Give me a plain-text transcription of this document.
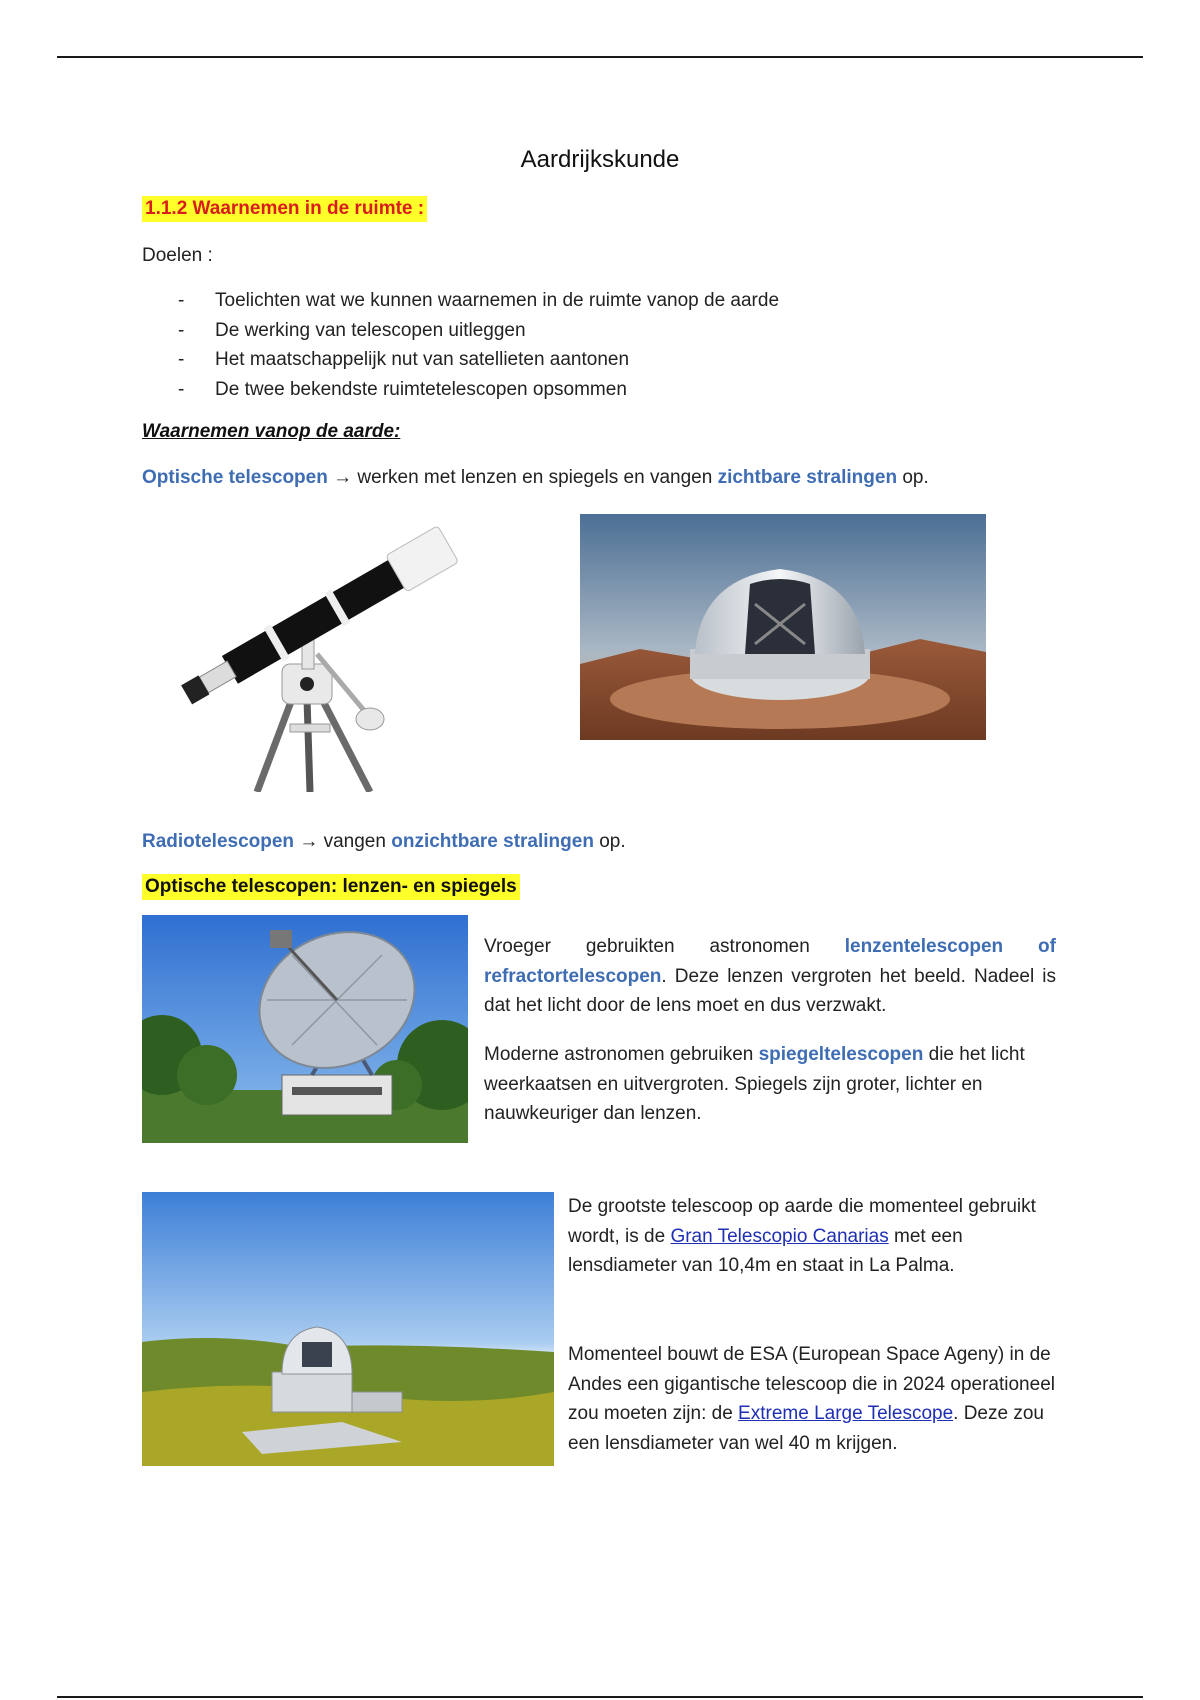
Aardrijkskunde
1.1.2 Waarnemen in de ruimte :
Doelen :
- Toelichten wat we kunnen waarnemen in de ruimte vanop de aarde
- De werking van telescopen uitleggen
- Het maatschappelijk nut van satellieten aantonen
- De twee bekendste ruimtetelescopen opsommen
Waarnemen vanop de aarde:
Optische telescopen → werken met lenzen en spiegels en vangen zichtbare stralingen op.
Radiotelescopen → vangen onzichtbare stralingen op.
Optische telescopen: lenzen- en spiegels
Vroeger gebruikten astronomen lenzentelescopen of refractortelescopen. Deze lenzen vergroten het beeld. Nadeel is dat het licht door de lens moet en dus verzwakt.
Moderne astronomen gebruiken spiegeltelescopen die het licht weerkaatsen en uitvergroten. Spiegels zijn groter, lichter en nauwkeuriger dan lenzen.
De grootste telescoop op aarde die momenteel gebruikt wordt, is de Gran Telescopio Canarias met een lensdiameter van 10,4m en staat in La Palma.
Momenteel bouwt de ESA (European Space Ageny) in de Andes een gigantische telescoop die in 2024 operationeel zou moeten zijn: de Extreme Large Telescope. Deze zou een lensdiameter van wel 40 m krijgen.
